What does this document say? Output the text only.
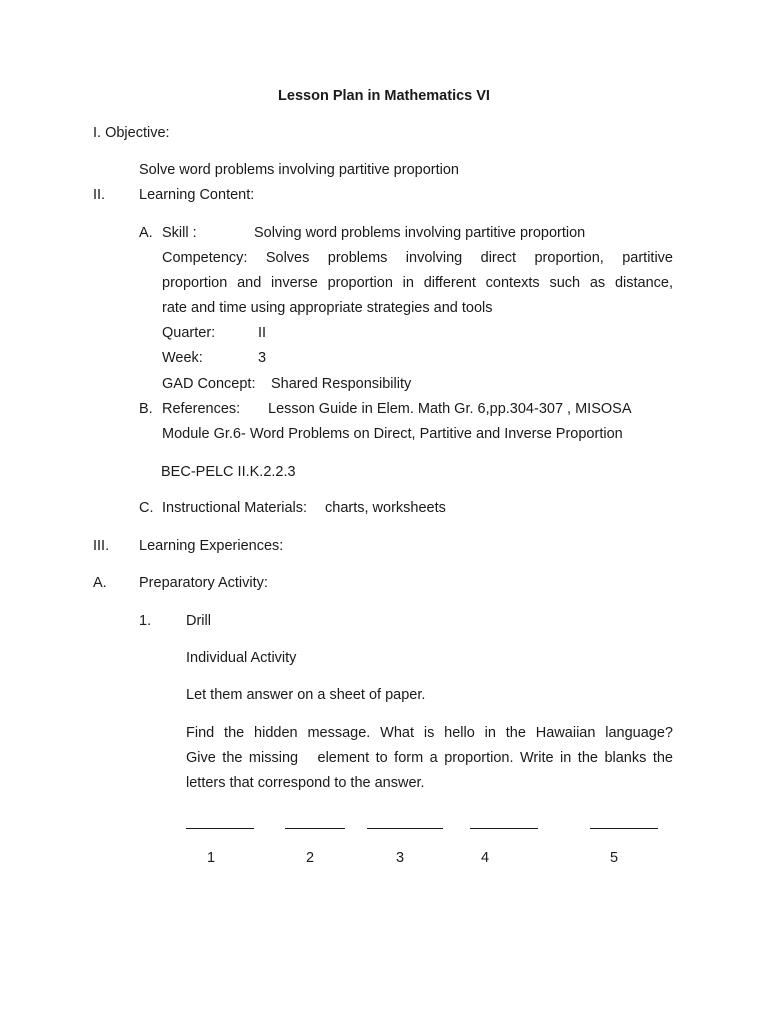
Lesson Plan in Mathematics VI
I. Objective:
Solve word problems involving partitive proportion
II. Learning Content:
A. Skill :	Solving word problems involving partitive proportion
Competency: Solves problems involving direct proportion, partitive
proportion and inverse proportion in different contexts such as distance,
rate and time using appropriate strategies and tools
Quarter:	II
Week:	3
GAD Concept: Shared Responsibility
B. References: Lesson Guide in Elem. Math Gr. 6,pp.304-307 , MISOSA
Module Gr.6- Word Problems on Direct, Partitive and Inverse Proportion
BEC-PELC II.K.2.2.3
C. Instructional Materials: charts, worksheets
III. Learning Experiences:
A. Preparatory Activity:
1. Drill
Individual Activity
Let them answer on a sheet of paper.
Find the hidden message. What is hello in the Hawaiian language?
Give the missing   element to form a proportion. Write in the blanks the
letters that correspond to the answer.
1	2	3	4	5
